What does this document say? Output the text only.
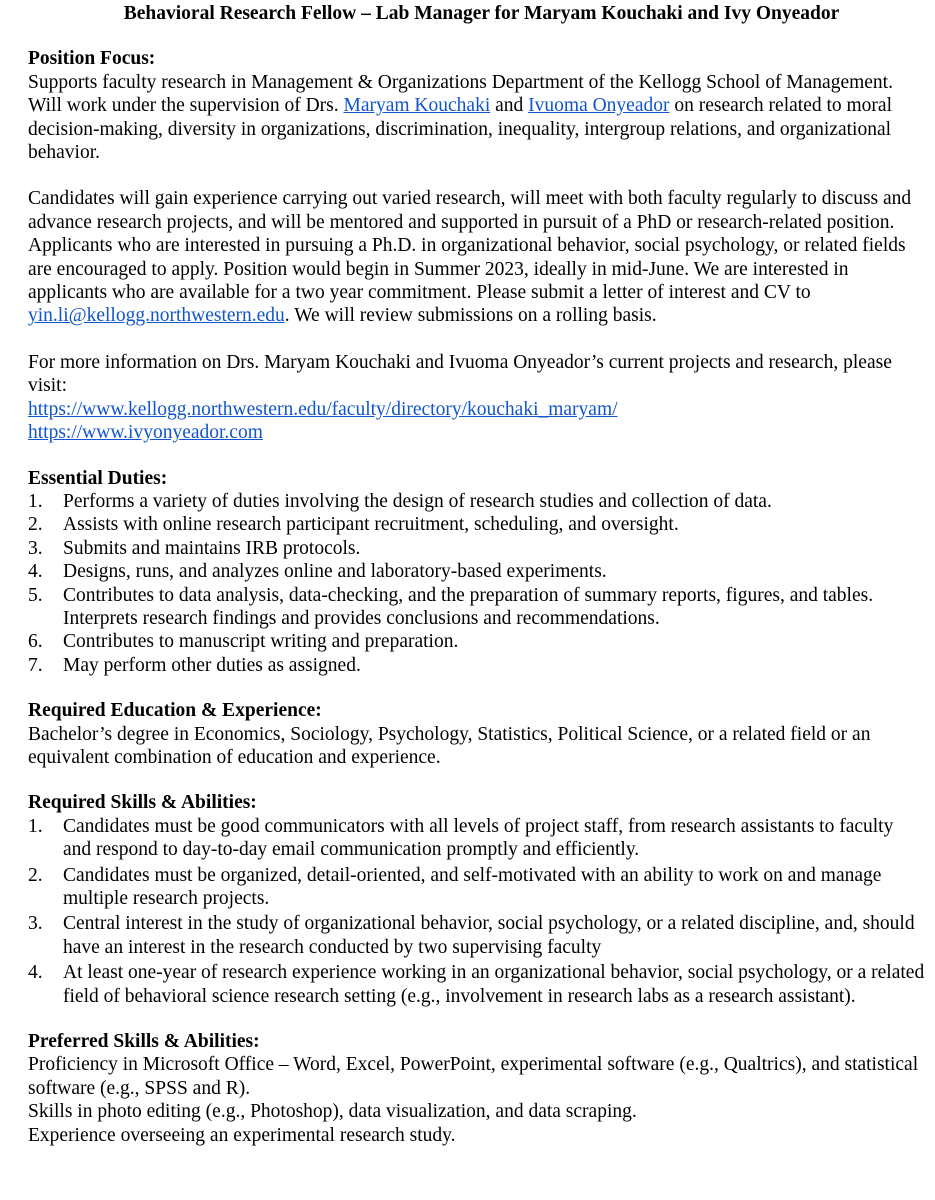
Behavioral Research Fellow – Lab Manager for Maryam Kouchaki and Ivy Onyeador

Position Focus:

Supports faculty research in Management & Organizations Department of the Kellogg School of Management. Will work under the supervision of Drs. Maryam Kouchaki and Ivuoma Onyeador on research related to moral decision-making, diversity in organizations, discrimination, inequality, intergroup relations, and organizational behavior.

Candidates will gain experience carrying out varied research, will meet with both faculty regularly to discuss and advance research projects, and will be mentored and supported in pursuit of a PhD or research-related position. Applicants who are interested in pursuing a Ph.D. in organizational behavior, social psychology, or related fields are encouraged to apply. Position would begin in Summer 2023, ideally in mid-June. We are interested in applicants who are available for a two year commitment. Please submit a letter of interest and CV to yin.li@kellogg.northwestern.edu. We will review submissions on a rolling basis.

For more information on Drs. Maryam Kouchaki and Ivuoma Onyeador’s current projects and research, please visit:

https://www.kellogg.northwestern.edu/faculty/directory/kouchaki_maryam/

https://www.ivyonyeador.com

Essential Duties:

1. Performs a variety of duties involving the design of research studies and collection of data.
2. Assists with online research participant recruitment, scheduling, and oversight.
3. Submits and maintains IRB protocols.
4. Designs, runs, and analyzes online and laboratory-based experiments.
5. Contributes to data analysis, data-checking, and the preparation of summary reports, figures, and tables. Interprets research findings and provides conclusions and recommendations.
6. Contributes to manuscript writing and preparation.
7. May perform other duties as assigned.

Required Education & Experience:

Bachelor’s degree in Economics, Sociology, Psychology, Statistics, Political Science, or a related field or an equivalent combination of education and experience.

Required Skills & Abilities:

1. Candidates must be good communicators with all levels of project staff, from research assistants to faculty and respond to day-to-day email communication promptly and efficiently.
2. Candidates must be organized, detail-oriented, and self-motivated with an ability to work on and manage multiple research projects.
3. Central interest in the study of organizational behavior, social psychology, or a related discipline, and, should have an interest in the research conducted by two supervising faculty
4. At least one-year of research experience working in an organizational behavior, social psychology, or a related field of behavioral science research setting (e.g., involvement in research labs as a research assistant).

Preferred Skills & Abilities:

Proficiency in Microsoft Office – Word, Excel, PowerPoint, experimental software (e.g., Qualtrics), and statistical software (e.g., SPSS and R).

Skills in photo editing (e.g., Photoshop), data visualization, and data scraping.

Experience overseeing an experimental research study.
